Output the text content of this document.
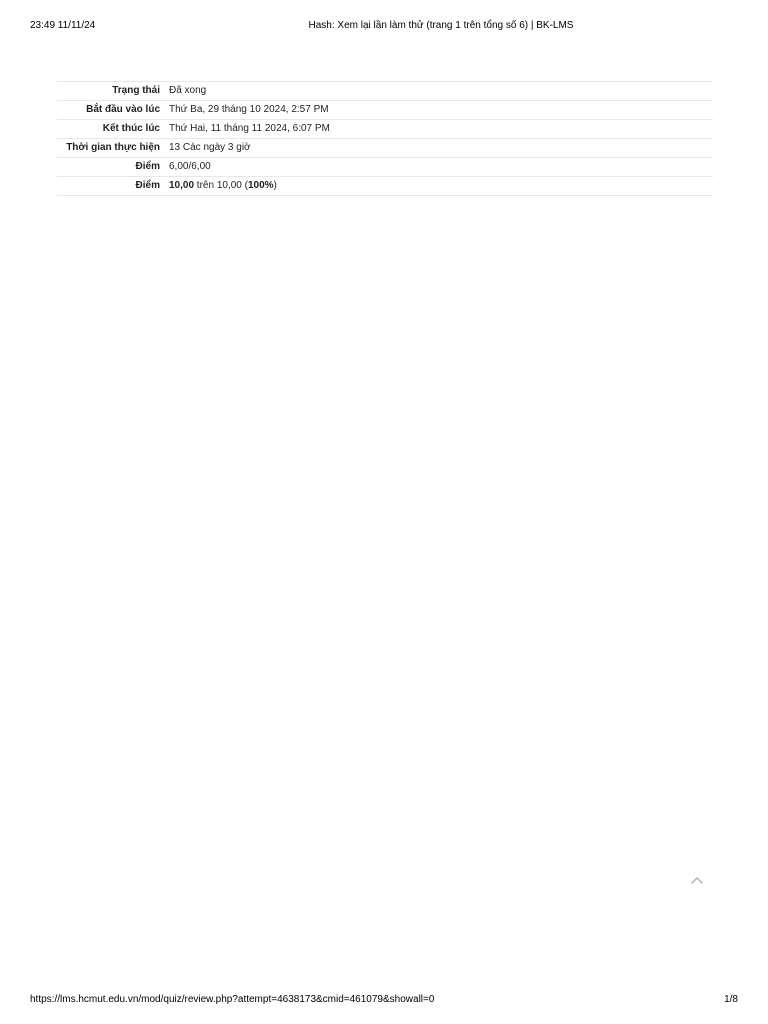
23:49 11/11/24	Hash: Xem lại lần làm thử (trang 1 trên tổng số 6) | BK-LMS
Trạng thái	Đã xong
Bắt đầu vào lúc	Thứ Ba, 29 tháng 10 2024, 2:57 PM
Kết thúc lúc	Thứ Hai, 11 tháng 11 2024, 6:07 PM
Thời gian thực hiện	13 Các ngày 3 giờ
Điểm	6,00/6,00
Điểm	10,00 trên 10,00 (100%)
https://lms.hcmut.edu.vn/mod/quiz/review.php?attempt=4638173&cmid=461079&showall=0	1/8
